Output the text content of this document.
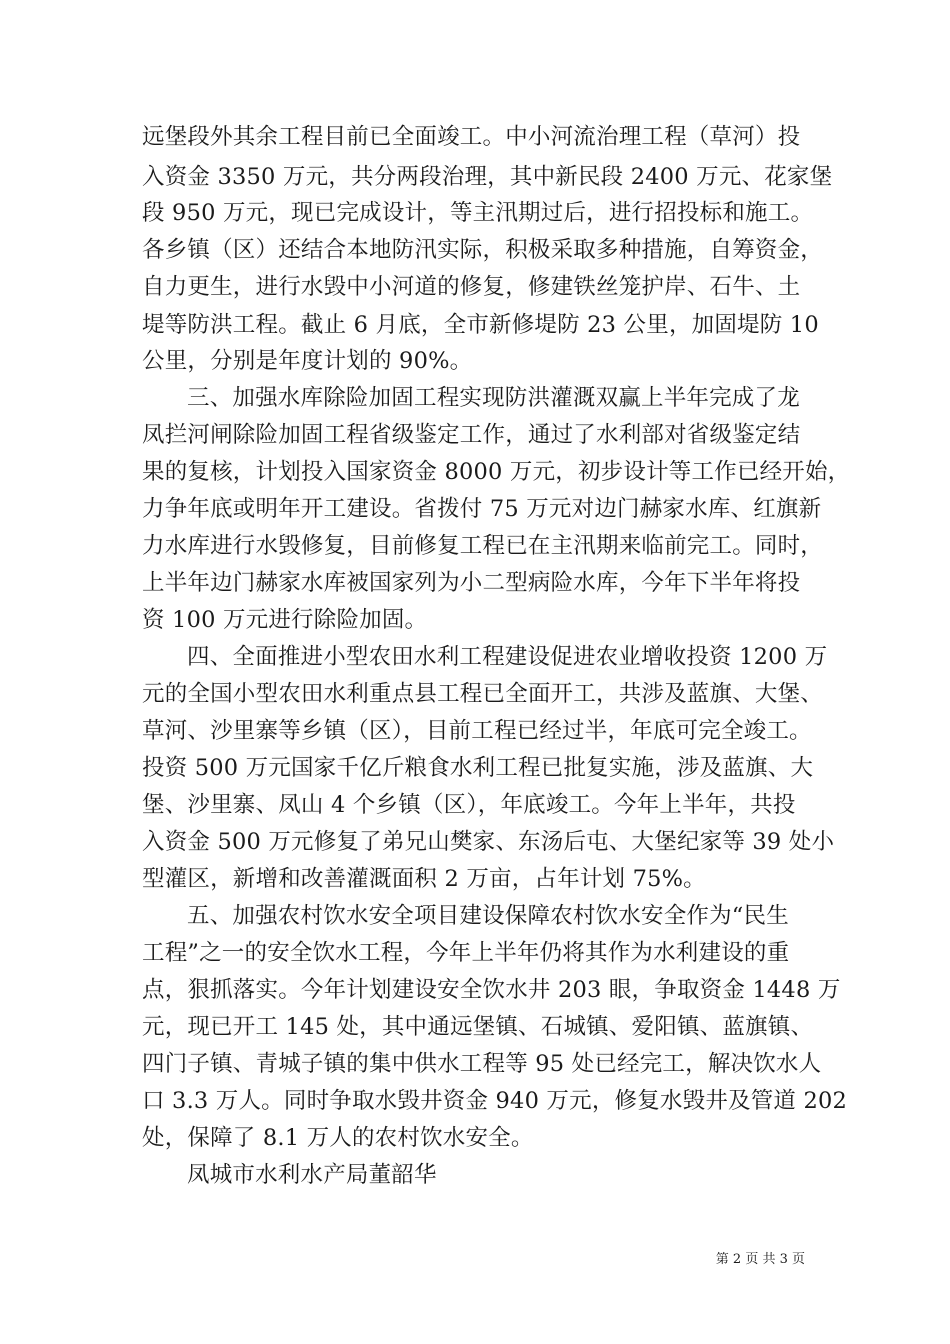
远堡段外其余工程目前已全面竣工。中小河流治理工程（草河）投
入资金 3350 万元，共分两段治理，其中新民段 2400 万元、花家堡
段 950 万元，现已完成设计，等主汛期过后，进行招投标和施工。
各乡镇（区）还结合本地防汛实际，积极采取多种措施，自筹资金，
自力更生，进行水毁中小河道的修复，修建铁丝笼护岸、石牛、土
堤等防洪工程。截止 6 月底，全市新修堤防 23 公里，加固堤防 10
公里，分别是年度计划的 90%。
三、加强水库除险加固工程实现防洪灌溉双赢上半年完成了龙
凤拦河闸除险加固工程省级鉴定工作，通过了水利部对省级鉴定结
果的复核，计划投入国家资金 8000 万元，初步设计等工作已经开始，
力争年底或明年开工建设。省拨付 75 万元对边门赫家水库、红旗新
力水库进行水毁修复，目前修复工程已在主汛期来临前完工。同时，
上半年边门赫家水库被国家列为小二型病险水库，今年下半年将投
资 100 万元进行除险加固。
四、全面推进小型农田水利工程建设促进农业增收投资 1200 万
元的全国小型农田水利重点县工程已全面开工，共涉及蓝旗、大堡、
草河、沙里寨等乡镇（区），目前工程已经过半，年底可完全竣工。
投资 500 万元国家千亿斤粮食水利工程已批复实施，涉及蓝旗、大
堡、沙里寨、凤山 4 个乡镇（区），年底竣工。今年上半年，共投
入资金 500 万元修复了弟兄山樊家、东汤后屯、大堡纪家等 39 处小
型灌区，新增和改善灌溉面积 2 万亩，占年计划 75%。
五、加强农村饮水安全项目建设保障农村饮水安全作为“民生
工程”之一的安全饮水工程，今年上半年仍将其作为水利建设的重
点，狠抓落实。今年计划建设安全饮水井 203 眼，争取资金 1448 万
元，现已开工 145 处，其中通远堡镇、石城镇、爱阳镇、蓝旗镇、
四门子镇、青城子镇的集中供水工程等 95 处已经完工，解决饮水人
口 3.3 万人。同时争取水毁井资金 940 万元，修复水毁井及管道 202
处，保障了 8.1 万人的农村饮水安全。
凤城市水利水产局董韶华
第 2 页 共 3 页
